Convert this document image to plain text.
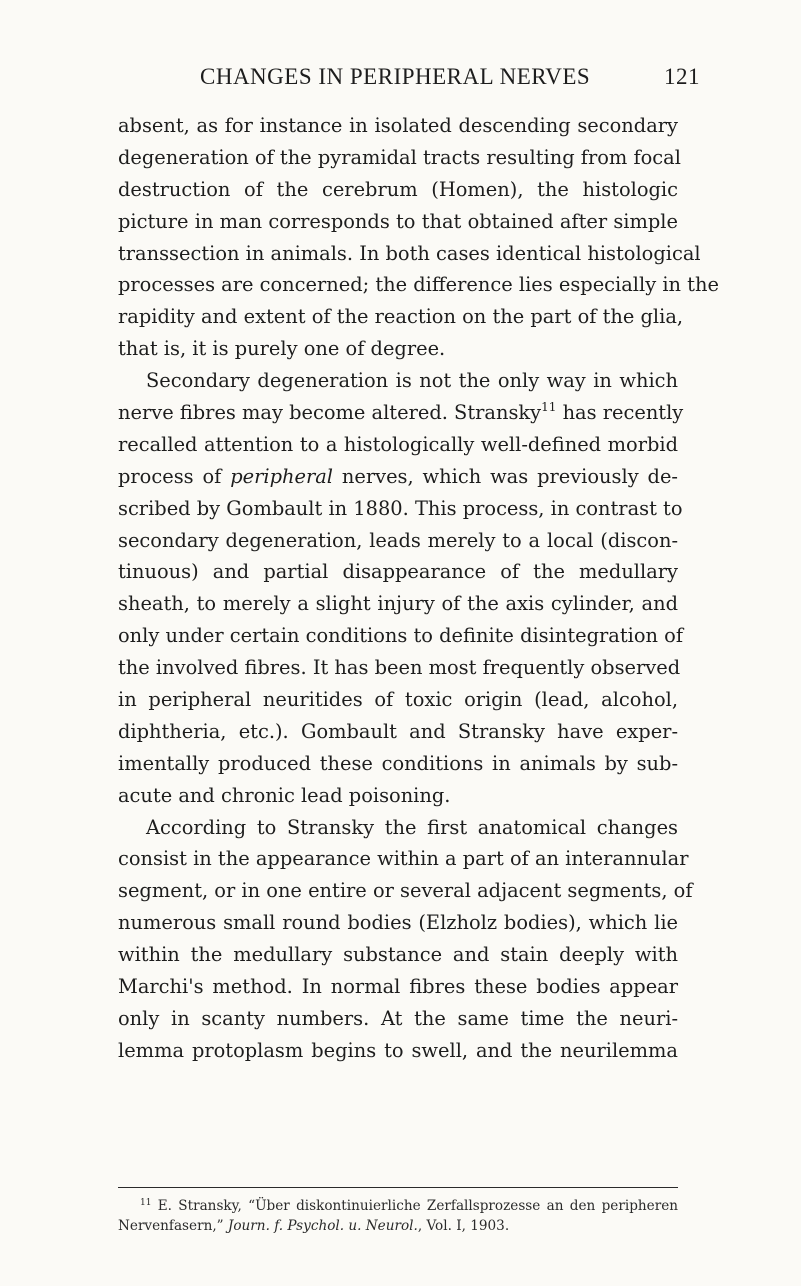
CHANGES IN PERIPHERAL NERVES	121
absent, as for instance in isolated descending secondary
degeneration of the pyramidal tracts resulting from focal
destruction of the cerebrum (Homen), the histologic
picture in man corresponds to that obtained after simple
transsection in animals. In both cases identical histological
processes are concerned; the difference lies especially in the
rapidity and extent of the reaction on the part of the glia,
that is, it is purely one of degree.
Secondary degeneration is not the only way in which
nerve fibres may become altered. Stransky$^{11}$ has recently
recalled attention to a histologically well-defined morbid
process of peripheral nerves, which was previously de-
scribed by Gombault in 1880. This process, in contrast to
secondary degeneration, leads merely to a local (discon-
tinuous) and partial disappearance of the medullary
sheath, to merely a slight injury of the axis cylinder, and
only under certain conditions to definite disintegration of
the involved fibres. It has been most frequently observed
in peripheral neuritides of toxic origin (lead, alcohol,
diphtheria, etc.). Gombault and Stransky have exper-
imentally produced these conditions in animals by sub-
acute and chronic lead poisoning.
According to Stransky the first anatomical changes
consist in the appearance within a part of an interannular
segment, or in one entire or several adjacent segments, of
numerous small round bodies (Elzholz bodies), which lie
within the medullary substance and stain deeply with
Marchi's method. In normal fibres these bodies appear
only in scanty numbers. At the same time the neuri-
lemma protoplasm begins to swell, and the neurilemma
$^{11}$ E. Stransky, “Über diskontinuierliche Zerfallsprozesse an den peripheren
Nervenfasern,” Journ. f. Psychol. u. Neurol., Vol. I, 1903.
